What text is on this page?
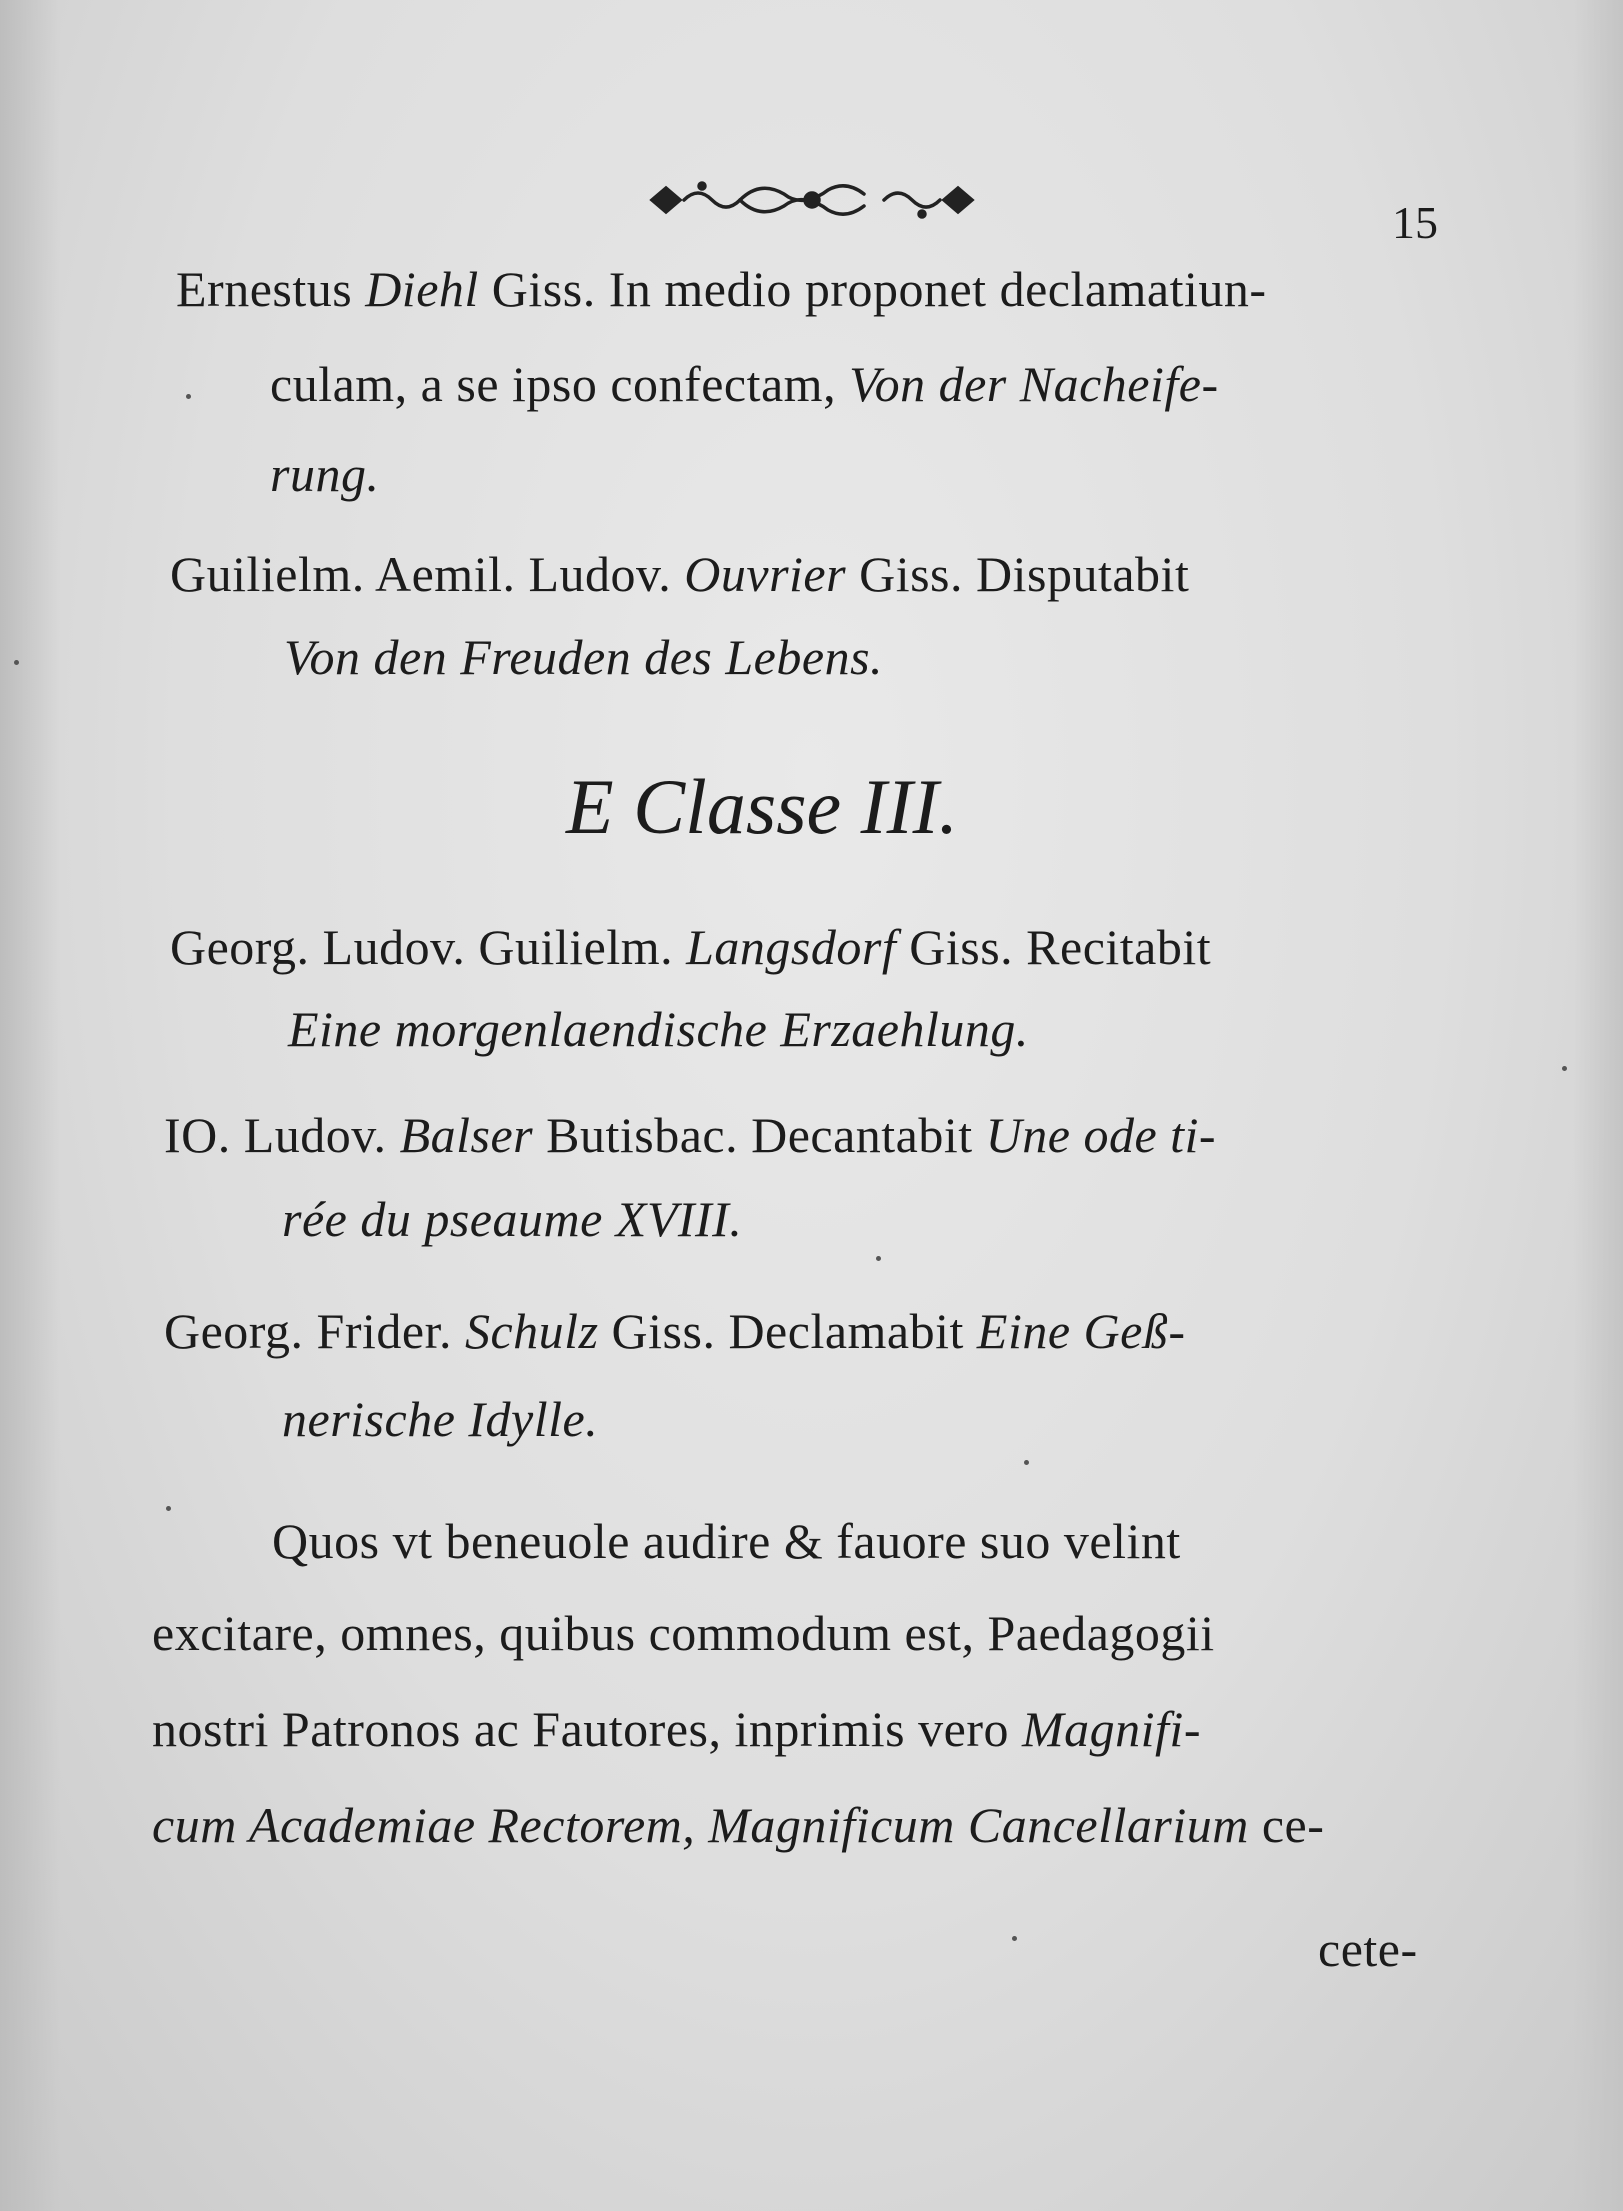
15
Ernestus Diehl Giss. In medio proponet declamatiun-
culam, a se ipso confectam, Von der Nacheife-
rung.
Guilielm. Aemil. Ludov. Ouvrier Giss. Disputabit
Von den Freuden des Lebens.
E Classe III.
Georg. Ludov. Guilielm. Langsdorf Giss. Recitabit
Eine morgenlaendische Erzaehlung.
IO. Ludov. Balser Butisbac. Decantabit Une ode ti-
rée du pseaume XVIII.
Georg. Frider. Schulz Giss. Declamabit Eine Geß-
nerische Idylle.
Quos vt beneuole audire & fauore suo velint
excitare, omnes, quibus commodum est, Paedagogii
nostri Patronos ac Fautores, inprimis vero Magnifi-
cum Academiae Rectorem, Magnificum Cancellarium ce-
cete-
